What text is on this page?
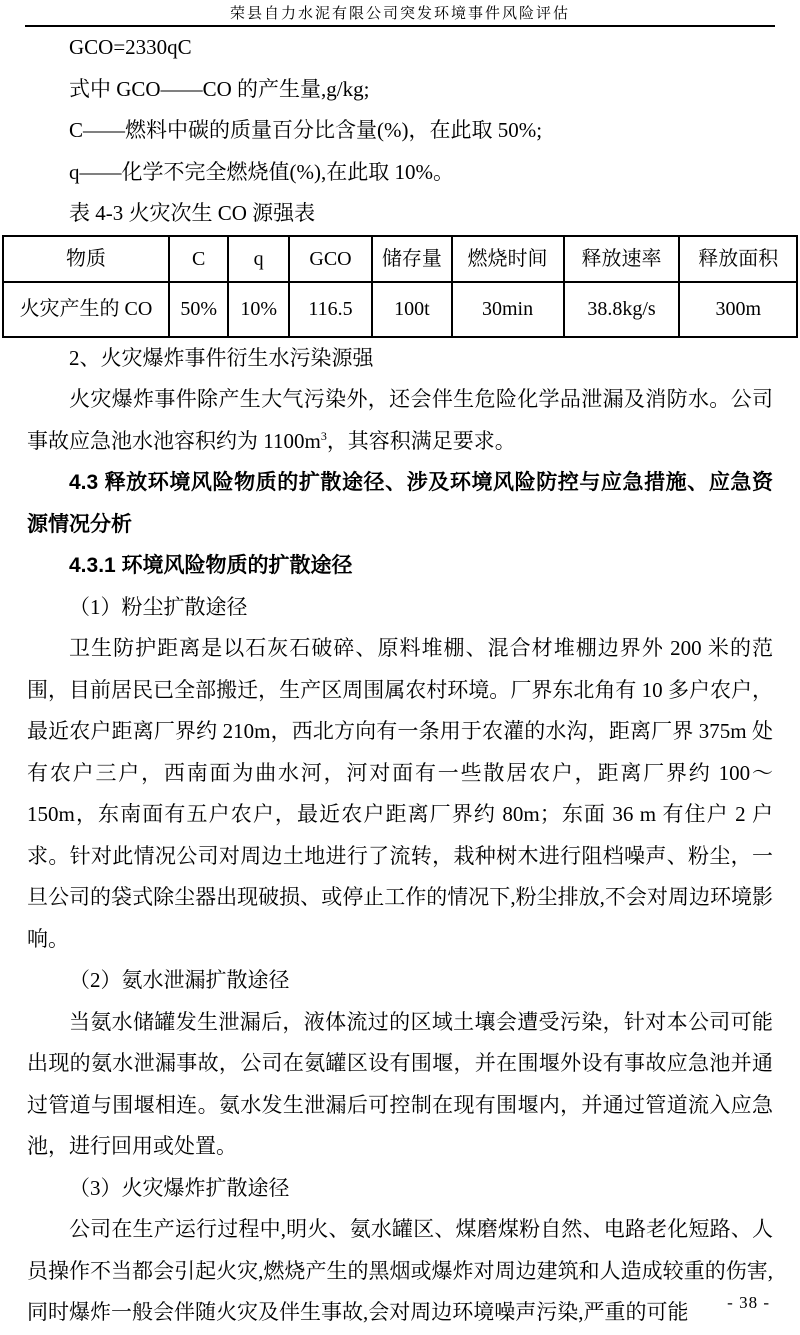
荣县自力水泥有限公司突发环境事件风险评估

GCO=2330qC

式中 GCO——CO 的产生量,g/kg;

C——燃料中碳的质量百分比含量(%)，在此取 50%;

q——化学不完全燃烧值(%),在此取 10%。

表 4-3 火灾次生 CO 源强表

物质	C	q	GCO	储存量	燃烧时间	释放速率	释放面积
火灾产生的 CO	50%	10%	116.5	100t	30min	38.8kg/s	300m

2、火灾爆炸事件衍生水污染源强

火灾爆炸事件除产生大气污染外，还会伴生危险化学品泄漏及消防水。公司事故应急池水池容积约为 $1100m^3$，其容积满足要求。

4.3 释放环境风险物质的扩散途径、涉及环境风险防控与应急措施、应急资源情况分析

4.3.1 环境风险物质的扩散途径

（1）粉尘扩散途径

卫生防护距离是以石灰石破碎、原料堆棚、混合材堆棚边界外 200 米的范围，目前居民已全部搬迁，生产区周围属农村环境。厂界东北角有 10 多户农户，最近农户距离厂界约 210m，西北方向有一条用于农灌的水沟，距离厂界 375m 处有农户三户，西南面为曲水河，河对面有一些散居农户，距离厂界约 100～150m，东南面有五户农户，最近农户距离厂界约 80m；东面 36 m 有住户 2 户求。针对此情况公司对周边土地进行了流转，栽种树木进行阻档噪声、粉尘，一旦公司的袋式除尘器出现破损、或停止工作的情况下,粉尘排放,不会对周边环境影响。

（2）氨水泄漏扩散途径

当氨水储罐发生泄漏后，液体流过的区域土壤会遭受污染，针对本公司可能出现的氨水泄漏事故，公司在氨罐区设有围堰，并在围堰外设有事故应急池并通过管道与围堰相连。氨水发生泄漏后可控制在现有围堰内，并通过管道流入应急池，进行回用或处置。

（3）火灾爆炸扩散途径

公司在生产运行过程中,明火、氨水罐区、煤磨煤粉自然、电路老化短路、人员操作不当都会引起火灾,燃烧产生的黑烟或爆炸对周边建筑和人造成较重的伤害,同时爆炸一般会伴随火灾及伴生事故,会对周边环境噪声污染,严重的可能	- 38 -
